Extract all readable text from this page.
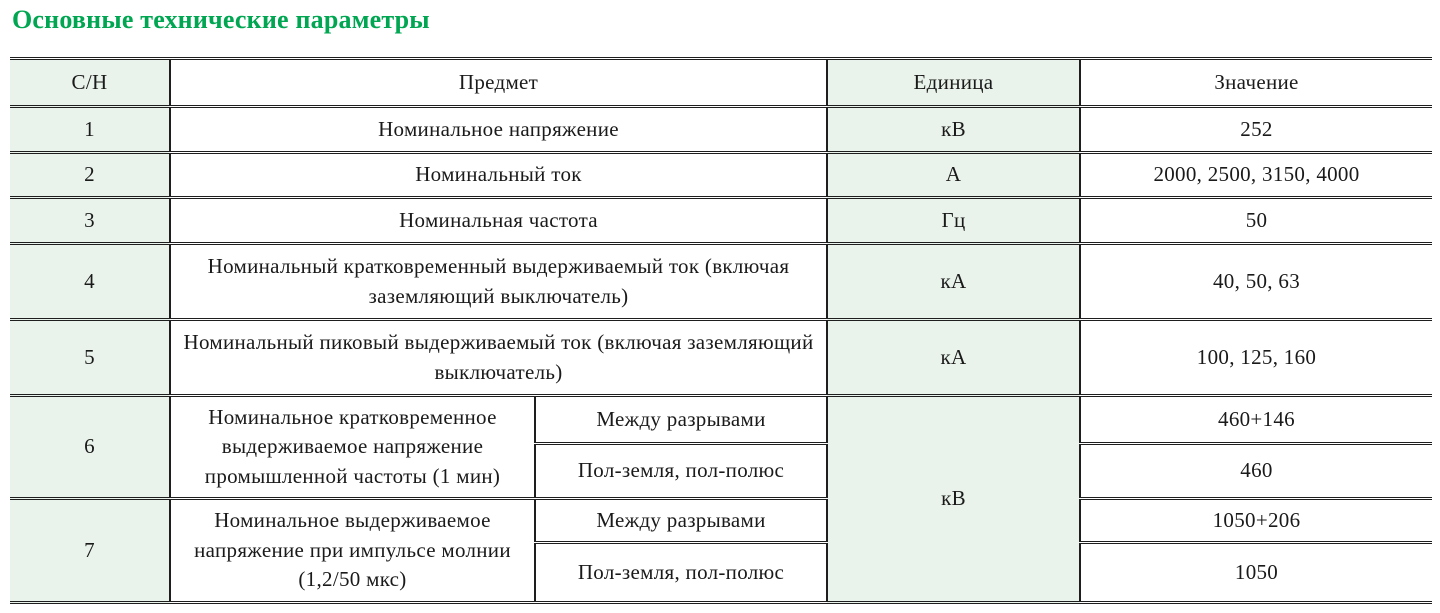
Основные технические параметры
С/Н	Предмет		Единица	Значение
1	Номинальное напряжение		кВ	252
2	Номинальный ток		А	2000, 2500, 3150, 4000
3	Номинальная частота		Гц	50
4	Номинальный кратковременный выдерживаемый ток (включая заземляющий выключатель)		кА	40, 50, 63
5	Номинальный пиковый выдерживаемый ток (включая заземляющий выключатель)		кА	100, 125, 160
6	Номинальное кратковременное выдерживаемое напряжение промышленной частоты (1 мин)	Между разрывами	кВ	460+146
		Пол-земля, пол-полюс		460
7	Номинальное выдерживаемое напряжение при импульсе молнии (1,2/50 мкс)	Между разрывами		1050+206
		Пол-земля, пол-полюс		1050
